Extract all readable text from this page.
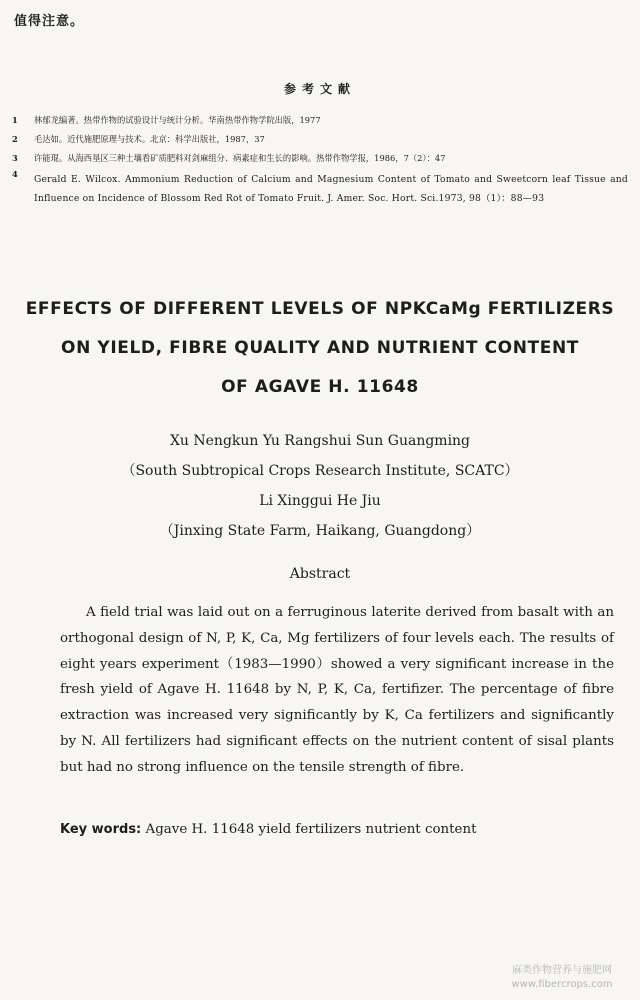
值得注意。
参考文献
1	林郁龙编著。热带作物的试验设计与统计分析。华南热带作物学院出版，1977
2	毛达如。近代施肥原理与技术。北京：科学出版社，1987，37
3	许能琨。从海西垦区三种土壤看矿质肥料对剑麻组分、病素症和生长的影响。热带作物学报，1986，7（2）：47
4	Gerald E. Wilcox. Ammonium Reduction of Calcium and Magnesium Content of Tomato and Sweetcorn leaf Tissue and Influence on Incidence of Blossom Red Rot of Tomato Fruit. J. Amer. Soc. Hort. Sci.1973, 98（1）：88—93
EFFECTS OF DIFFERENT LEVELS OF NPKCaMg FERTILIZERS
ON YIELD, FIBRE QUALITY AND NUTRIENT CONTENT
OF AGAVE H. 11648
Xu Nengkun Yu Rangshui Sun Guangming
（South Subtropical Crops Research Institute, SCATC）
Li Xinggui He Jiu
（Jinxing State Farm, Haikang, Guangdong）
Abstract

A field trial was laid out on a ferruginous laterite derived from basalt with an orthogonal design of N, P, K, Ca, Mg fertilizers of four levels each. The results of eight years experiment（1983—1990）showed a very significant increase in the fresh yield of Agave H. 11648 by N, P, K, Ca, fertifizer. The percentage of fibre extraction was increased very significantly by K, Ca fertilizers and significantly by N. All fertilizers had significant effects on the nutrient content of sisal plants but had no strong influence on the tensile strength of fibre.

Key words: Agave H. 11648 yield fertilizers nutrient content
麻类作物营养与施肥网
www.fibercrops.com
